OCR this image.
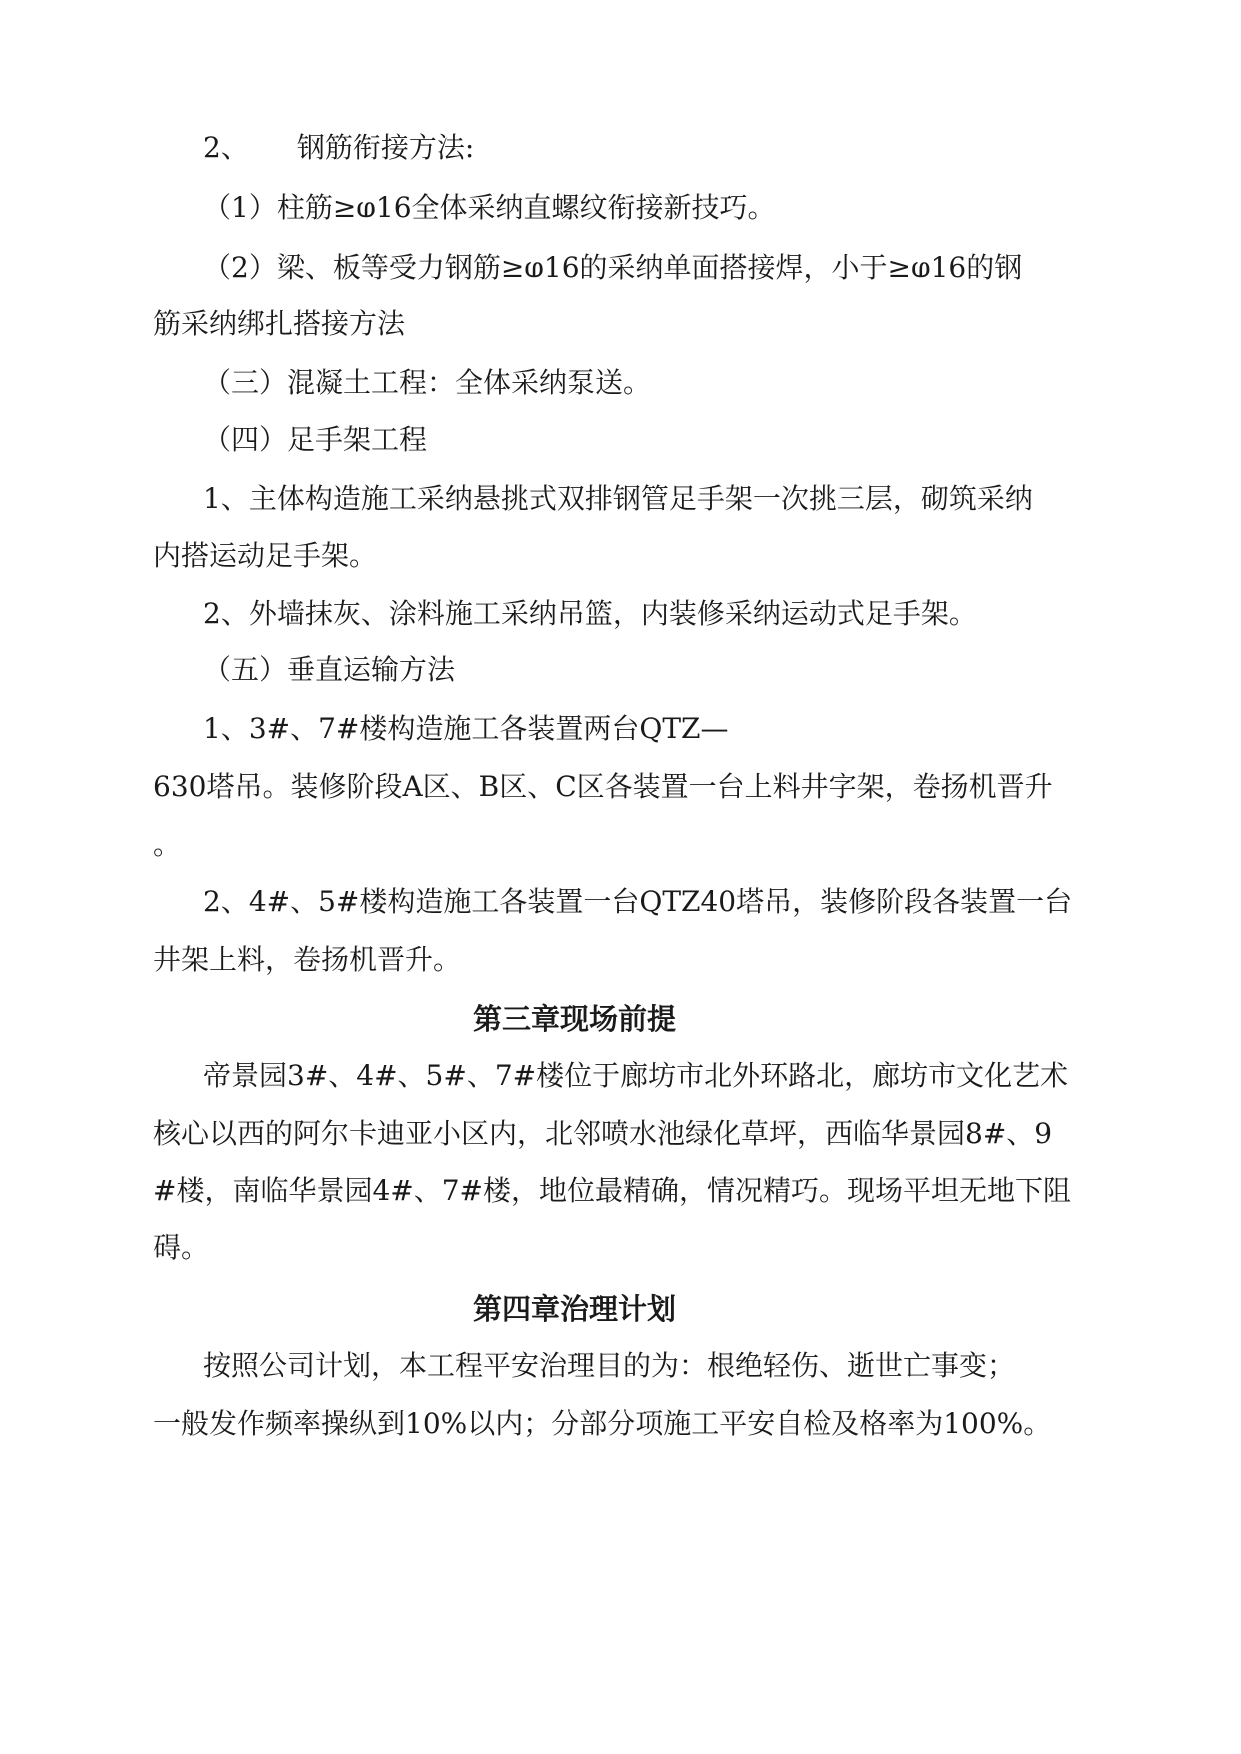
2、 钢筋衔接方法:
（1）柱筋≥ⱷ16全体采纳直螺纹衔接新技巧。
（2）梁、板等受力钢筋≥ⱷ16的采纳单面搭接焊，小于≥ⱷ16的钢
筋采纳绑扎搭接方法
（三）混凝土工程：全体采纳泵送。
（四）足手架工程
1、主体构造施工采纳悬挑式双排钢管足手架一次挑三层，砌筑采纳
内搭运动足手架。
2、外墙抹灰、涂料施工采纳吊篮，内装修采纳运动式足手架。
（五）垂直运输方法
1、3#、7#楼构造施工各装置两台QTZ—
630塔吊。装修阶段A区、B区、C区各装置一台上料井字架，卷扬机晋升
。
2、4#、5#楼构造施工各装置一台QTZ40塔吊，装修阶段各装置一台
井架上料，卷扬机晋升。
第三章现场前提
帝景园3#、4#、5#、7#楼位于廊坊市北外环路北，廊坊市文化艺术
核心以西的阿尔卡迪亚小区内，北邻喷水池绿化草坪，西临华景园8#、9
#楼，南临华景园4#、7#楼，地位最精确，情况精巧。现场平坦无地下阻
碍。
第四章治理计划
按照公司计划，本工程平安治理目的为：根绝轻伤、逝世亡事变；
一般发作频率操纵到10%以内；分部分项施工平安自检及格率为100%。
